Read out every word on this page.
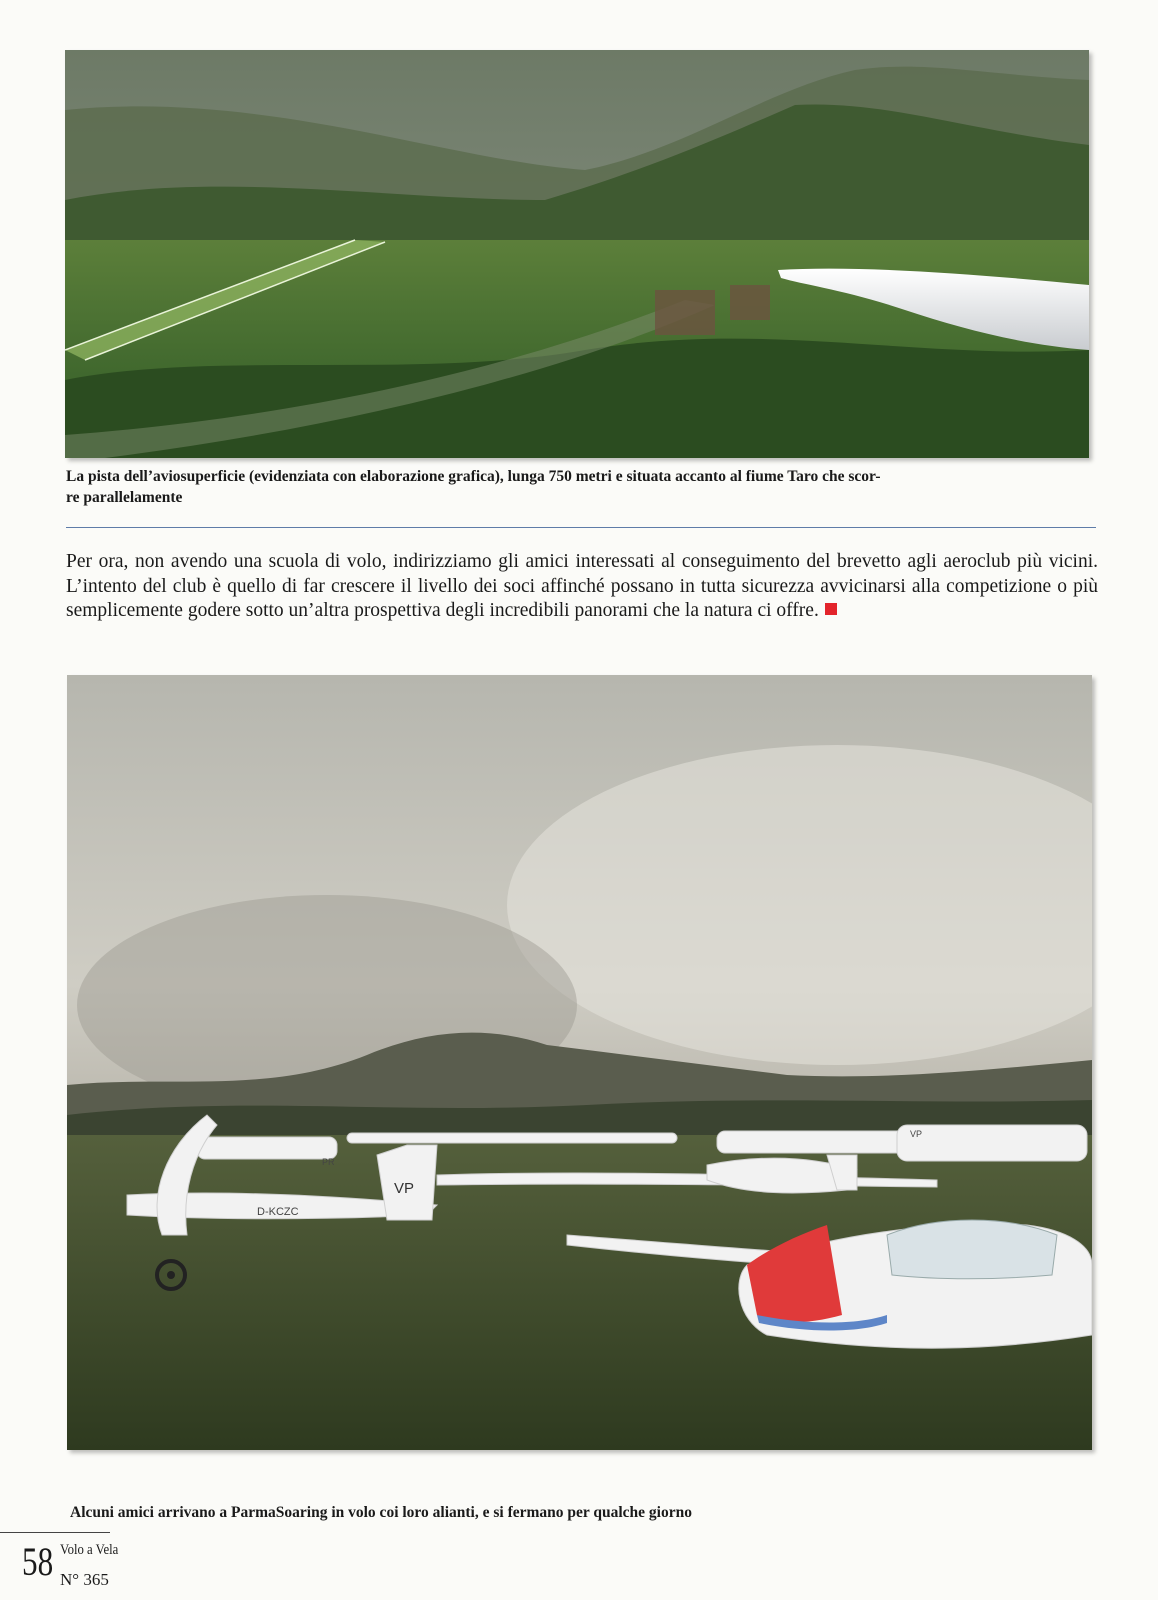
La pista dell’aviosuperficie (evidenziata con elaborazione grafica), lunga 750 metri e situata accanto al fiume Taro che scor-
re parallelamente
Per ora, non avendo una scuola di volo, indirizziamo gli amici interessati al conseguimento del brevetto agli aeroclub più vicini. L’intento del club è quello di far crescere il livello dei soci affinché possano in tutta sicurezza avvicinarsi alla competizione o più semplicemente godere sotto un’altra prospettiva degli incredibili panorami che la natura ci offre.
VP
D-KCZC
PR
VP
Alcuni amici arrivano a ParmaSoaring in volo coi loro alianti, e si fermano per qualche giorno
58 Volo a Vela
N° 365
